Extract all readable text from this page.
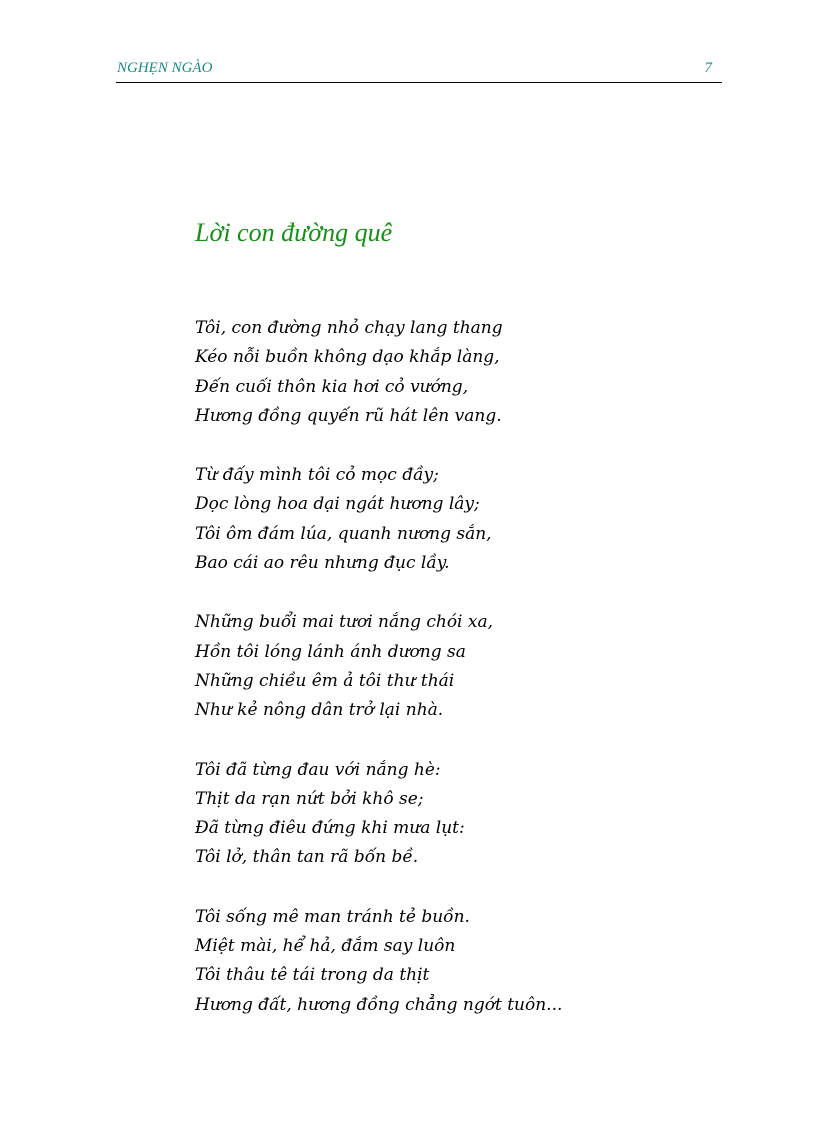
NGHẸN NGÀO	7
Lời con đường quê
Tôi, con đường nhỏ chạy lang thang
Kéo nỗi buồn không dạo khắp làng,
Đến cuối thôn kia hơi cỏ vướng,
Hương đồng quyến rũ hát lên vang.
Từ đấy mình tôi cỏ mọc đầy;
Dọc lòng hoa dại ngát hương lây;
Tôi ôm đám lúa, quanh nương sắn,
Bao cái ao rêu nhưng đục lầy.
Những buổi mai tươi nắng chói xa,
Hồn tôi lóng lánh ánh dương sa
Những chiều êm ả tôi thư thái
Như kẻ nông dân trở lại nhà.
Tôi đã từng đau với nắng hè:
Thịt da rạn nứt bởi khô se;
Đã từng điêu đứng khi mưa lụt:
Tôi lở, thân tan rã bốn bề.
Tôi sống mê man tránh tẻ buồn.
Miệt mài, hể hả, đắm say luôn
Tôi thâu tê tái trong da thịt
Hương đất, hương đồng chẳng ngớt tuôn...
